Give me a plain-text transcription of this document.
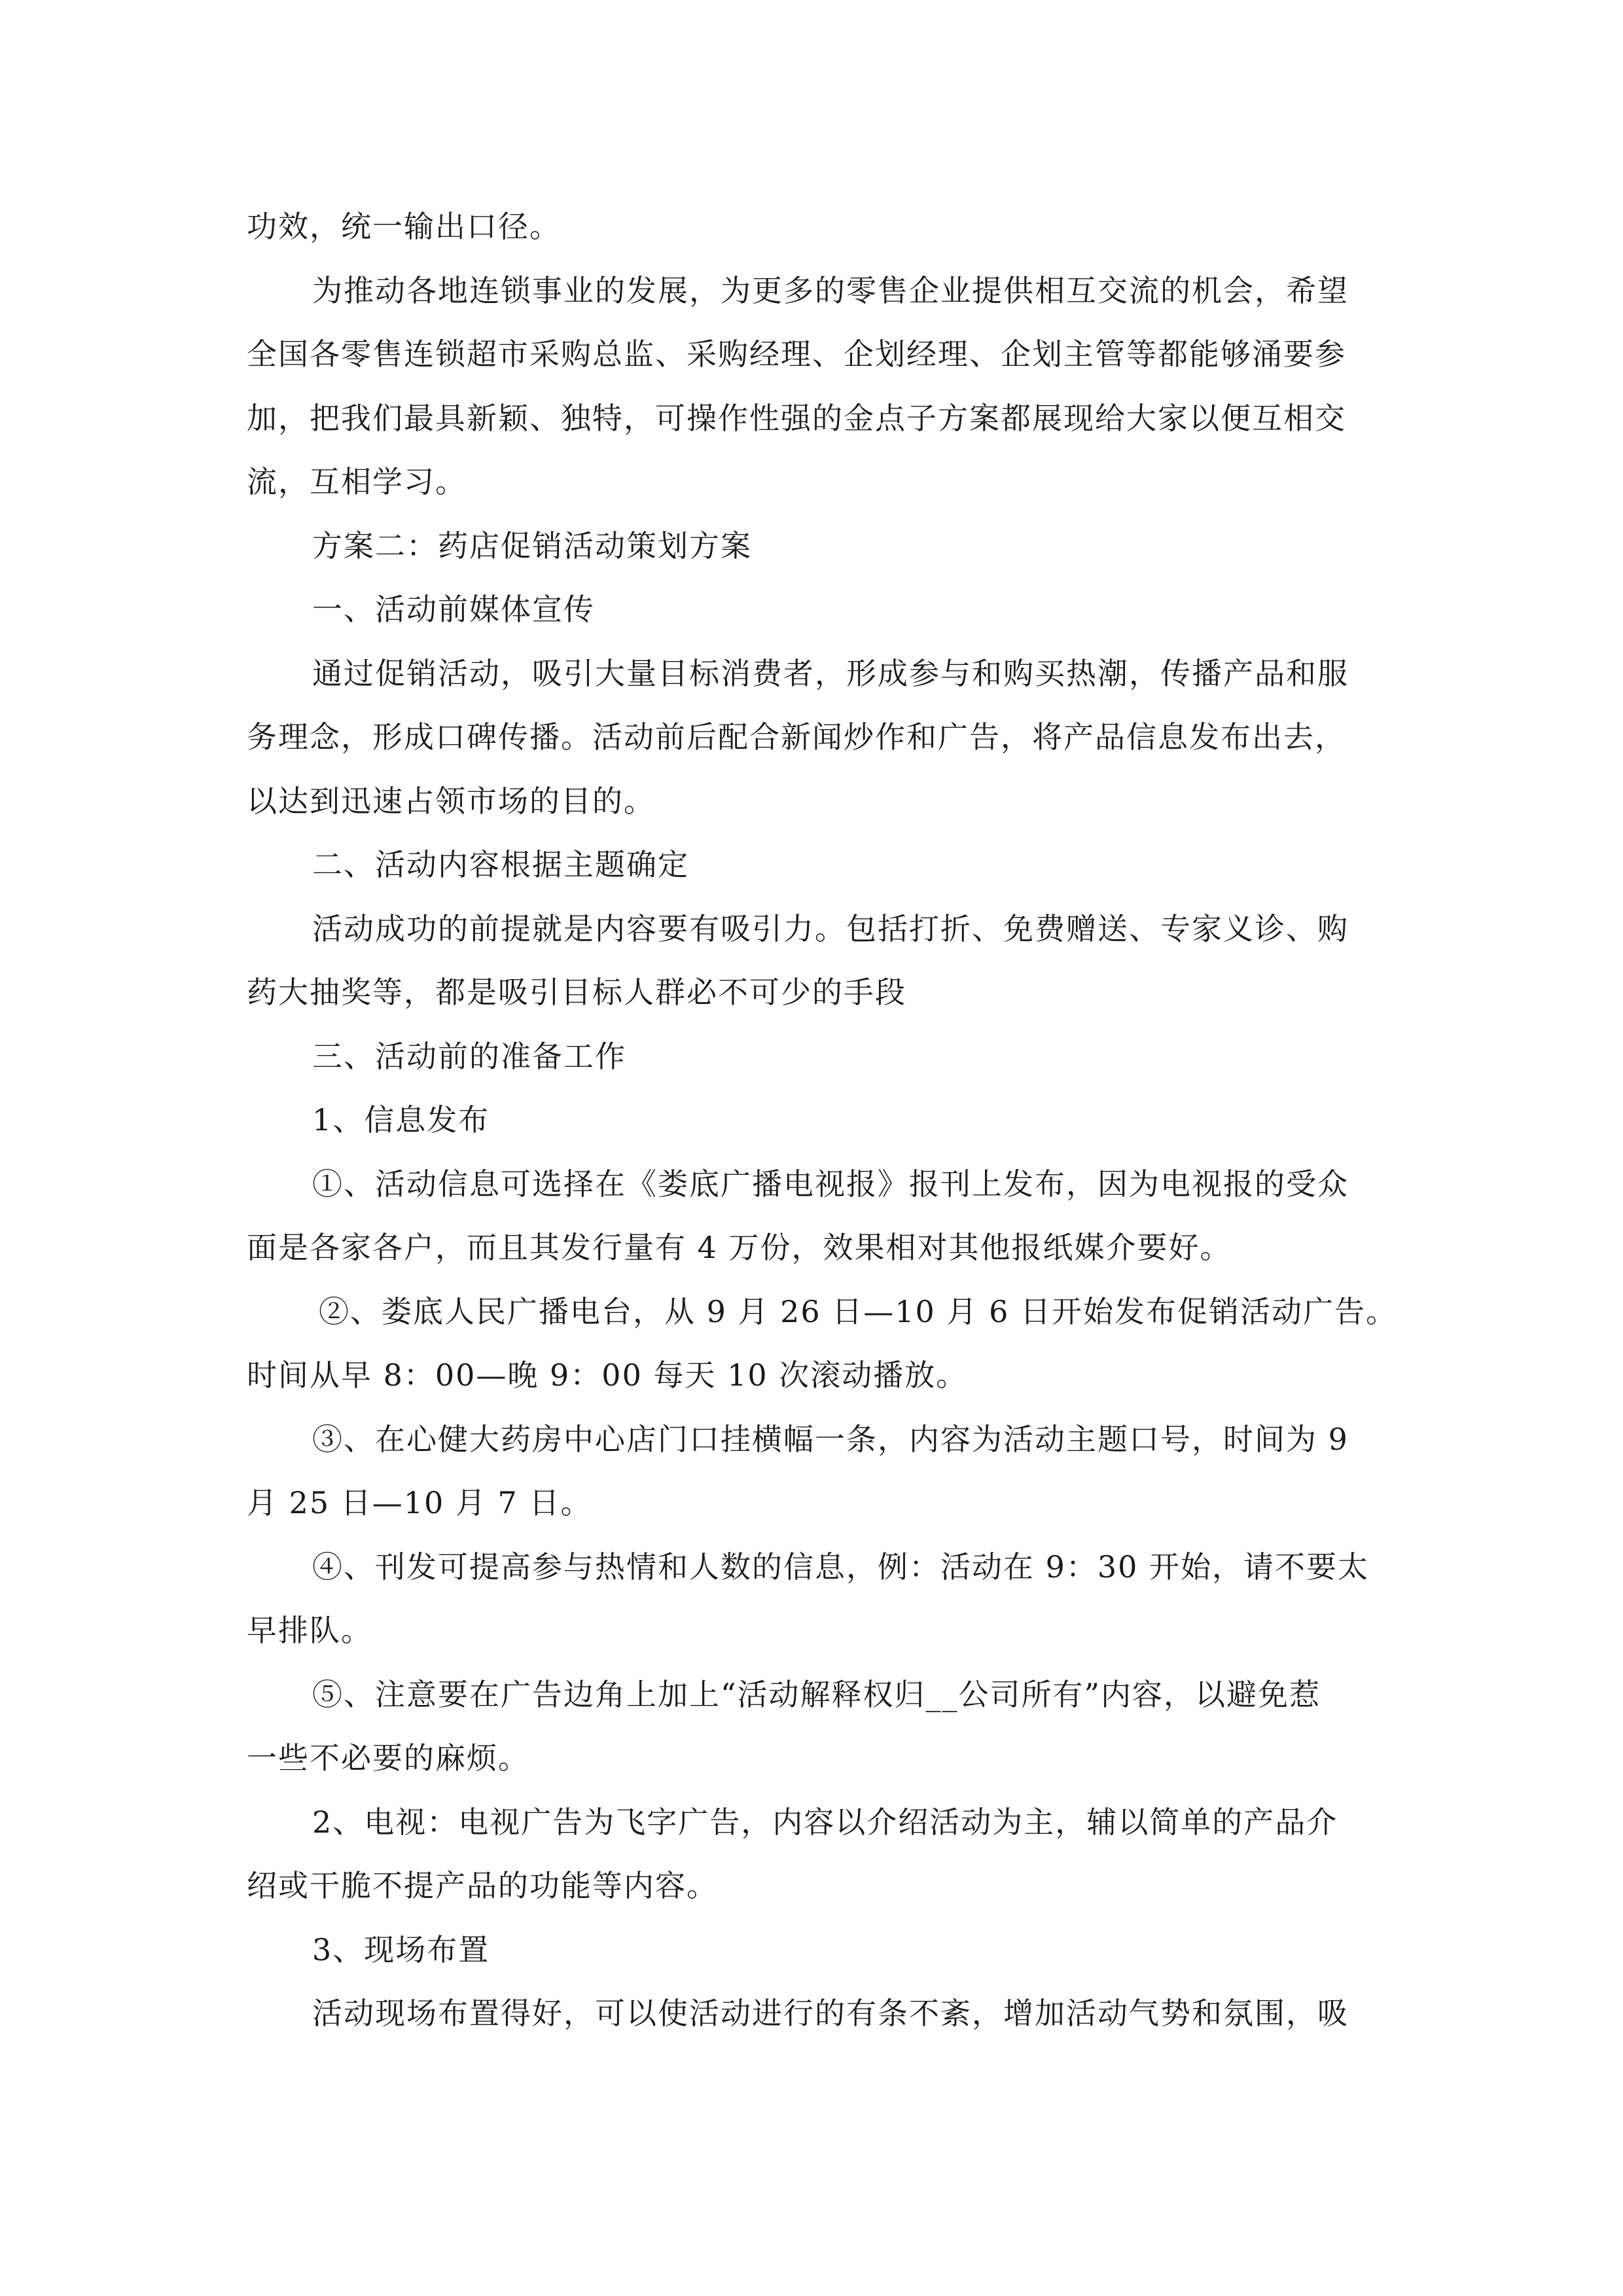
功效，统一输出口径。
为推动各地连锁事业的发展，为更多的零售企业提供相互交流的机会，希望
全国各零售连锁超市采购总监、采购经理、企划经理、企划主管等都能够涌要参
加，把我们最具新颖、独特，可操作性强的金点子方案都展现给大家以便互相交
流，互相学习。
方案二：药店促销活动策划方案
一、活动前媒体宣传
通过促销活动，吸引大量目标消费者，形成参与和购买热潮，传播产品和服
务理念，形成口碑传播。活动前后配合新闻炒作和广告，将产品信息发布出去，
以达到迅速占领市场的目的。
二、活动内容根据主题确定
活动成功的前提就是内容要有吸引力。包括打折、免费赠送、专家义诊、购
药大抽奖等，都是吸引目标人群必不可少的手段
三、活动前的准备工作
1、信息发布
①、活动信息可选择在《娄底广播电视报》报刊上发布，因为电视报的受众
面是各家各户，而且其发行量有 4 万份，效果相对其他报纸媒介要好。
②、娄底人民广播电台，从 9 月 26 日—10 月 6 日开始发布促销活动广告。
时间从早 8：00—晚 9：00 每天 10 次滚动播放。
③、在心健大药房中心店门口挂横幅一条，内容为活动主题口号，时间为 9
月 25 日—10 月 7 日。
④、刊发可提高参与热情和人数的信息，例：活动在 9：30 开始，请不要太
早排队。
⑤、注意要在广告边角上加上“活动解释权归__公司所有”内容，以避免惹
一些不必要的麻烦。
2、电视：电视广告为飞字广告，内容以介绍活动为主，辅以简单的产品介
绍或干脆不提产品的功能等内容。
3、现场布置
活动现场布置得好，可以使活动进行的有条不紊，增加活动气势和氛围，吸
